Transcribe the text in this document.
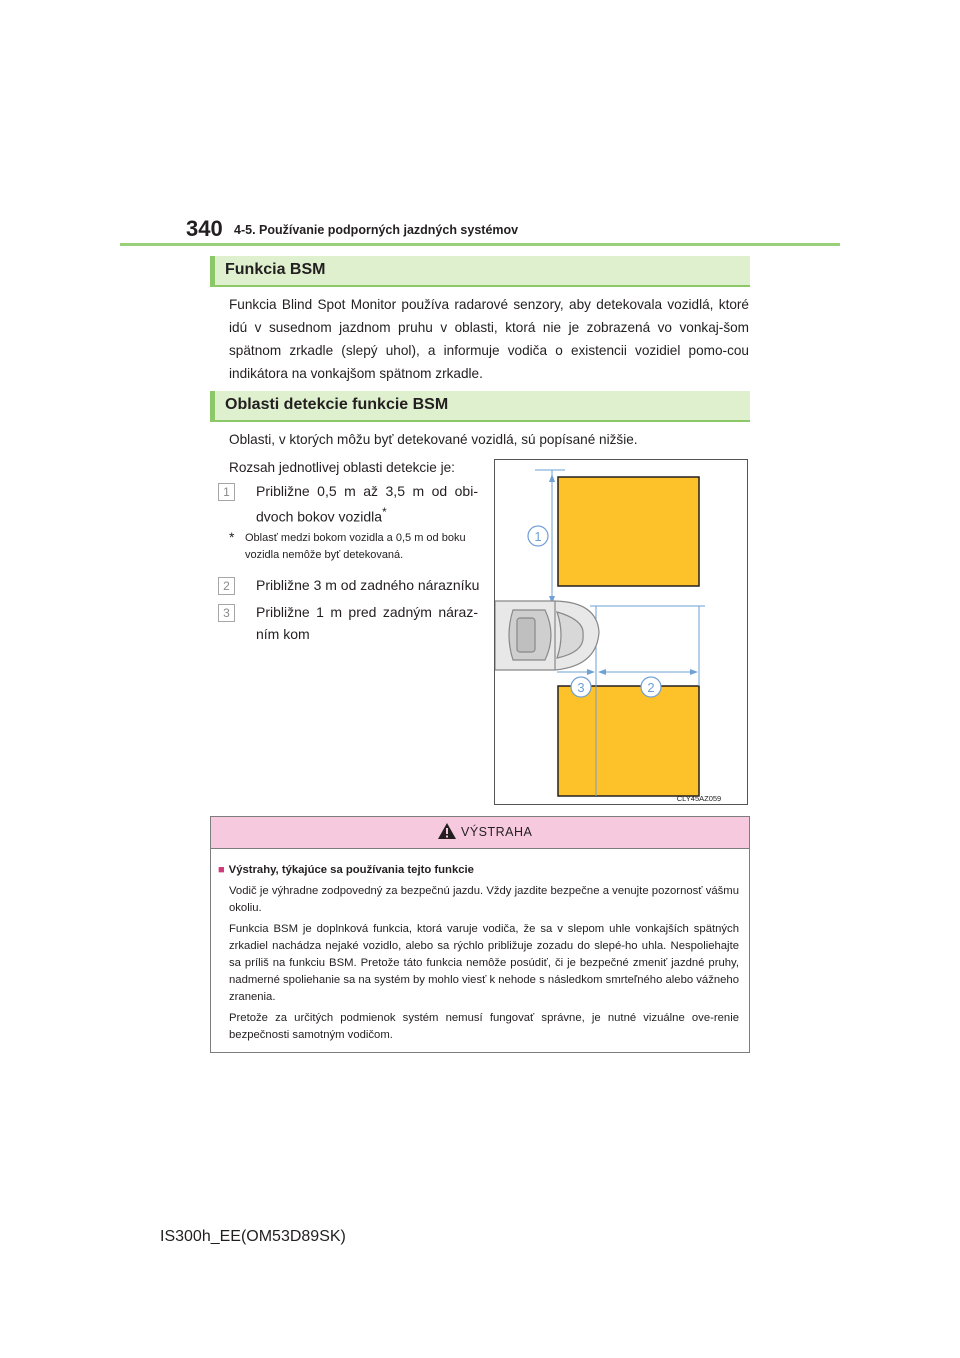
340 4-5. Používanie podporných jazdných systémov
Funkcia BSM
Funkcia Blind Spot Monitor používa radarové senzory, aby detekovala vozidlá, ktoré idú v susednom jazdnom pruhu v oblasti, ktorá nie je zobrazená vo vonkaj-šom spätnom zrkadle (slepý uhol), a informuje vodiča o existencii vozidiel pomo-cou indikátora na vonkajšom spätnom zrkadle.
Oblasti detekcie funkcie BSM
Oblasti, v ktorých môžu byť detekované vozidlá, sú popísané nižšie.
Rozsah jednotlivej oblasti detekcie je:
1	Približne 0,5 m až 3,5 m od obi-dvoch bokov vozidla*
* Oblasť medzi bokom vozidla a 0,5 m od boku vozidla nemôže byť detekovaná.
2	Približne 3 m od zadného nárazníku
3	Približne 1 m pred zadným náraz-ním kom
1
3	2
CLY45AZ059
VÝSTRAHA

■ Výstrahy, týkajúce sa používania tejto funkcie

Vodič je výhradne zodpovedný za bezpečnú jazdu. Vždy jazdite bezpečne a venujte pozornosť vášmu okoliu.

Funkcia BSM je doplnková funkcia, ktorá varuje vodiča, že sa v slepom uhle vonkajších spätných zrkadiel nachádza nejaké vozidlo, alebo sa rýchlo približuje zozadu do slepé-ho uhla. Nespoliehajte sa príliš na funkciu BSM. Pretože táto funkcia nemôže posúdiť, či je bezpečné zmeniť jazdné pruhy, nadmerné spoliehanie sa na systém by mohlo viesť k nehode s následkom smrteľného alebo vážneho zranenia.

Pretože za určitých podmienok systém nemusí fungovať správne, je nutné vizuálne ove-renie bezpečnosti samotným vodičom.

IS300h_EE(OM53D89SK)
